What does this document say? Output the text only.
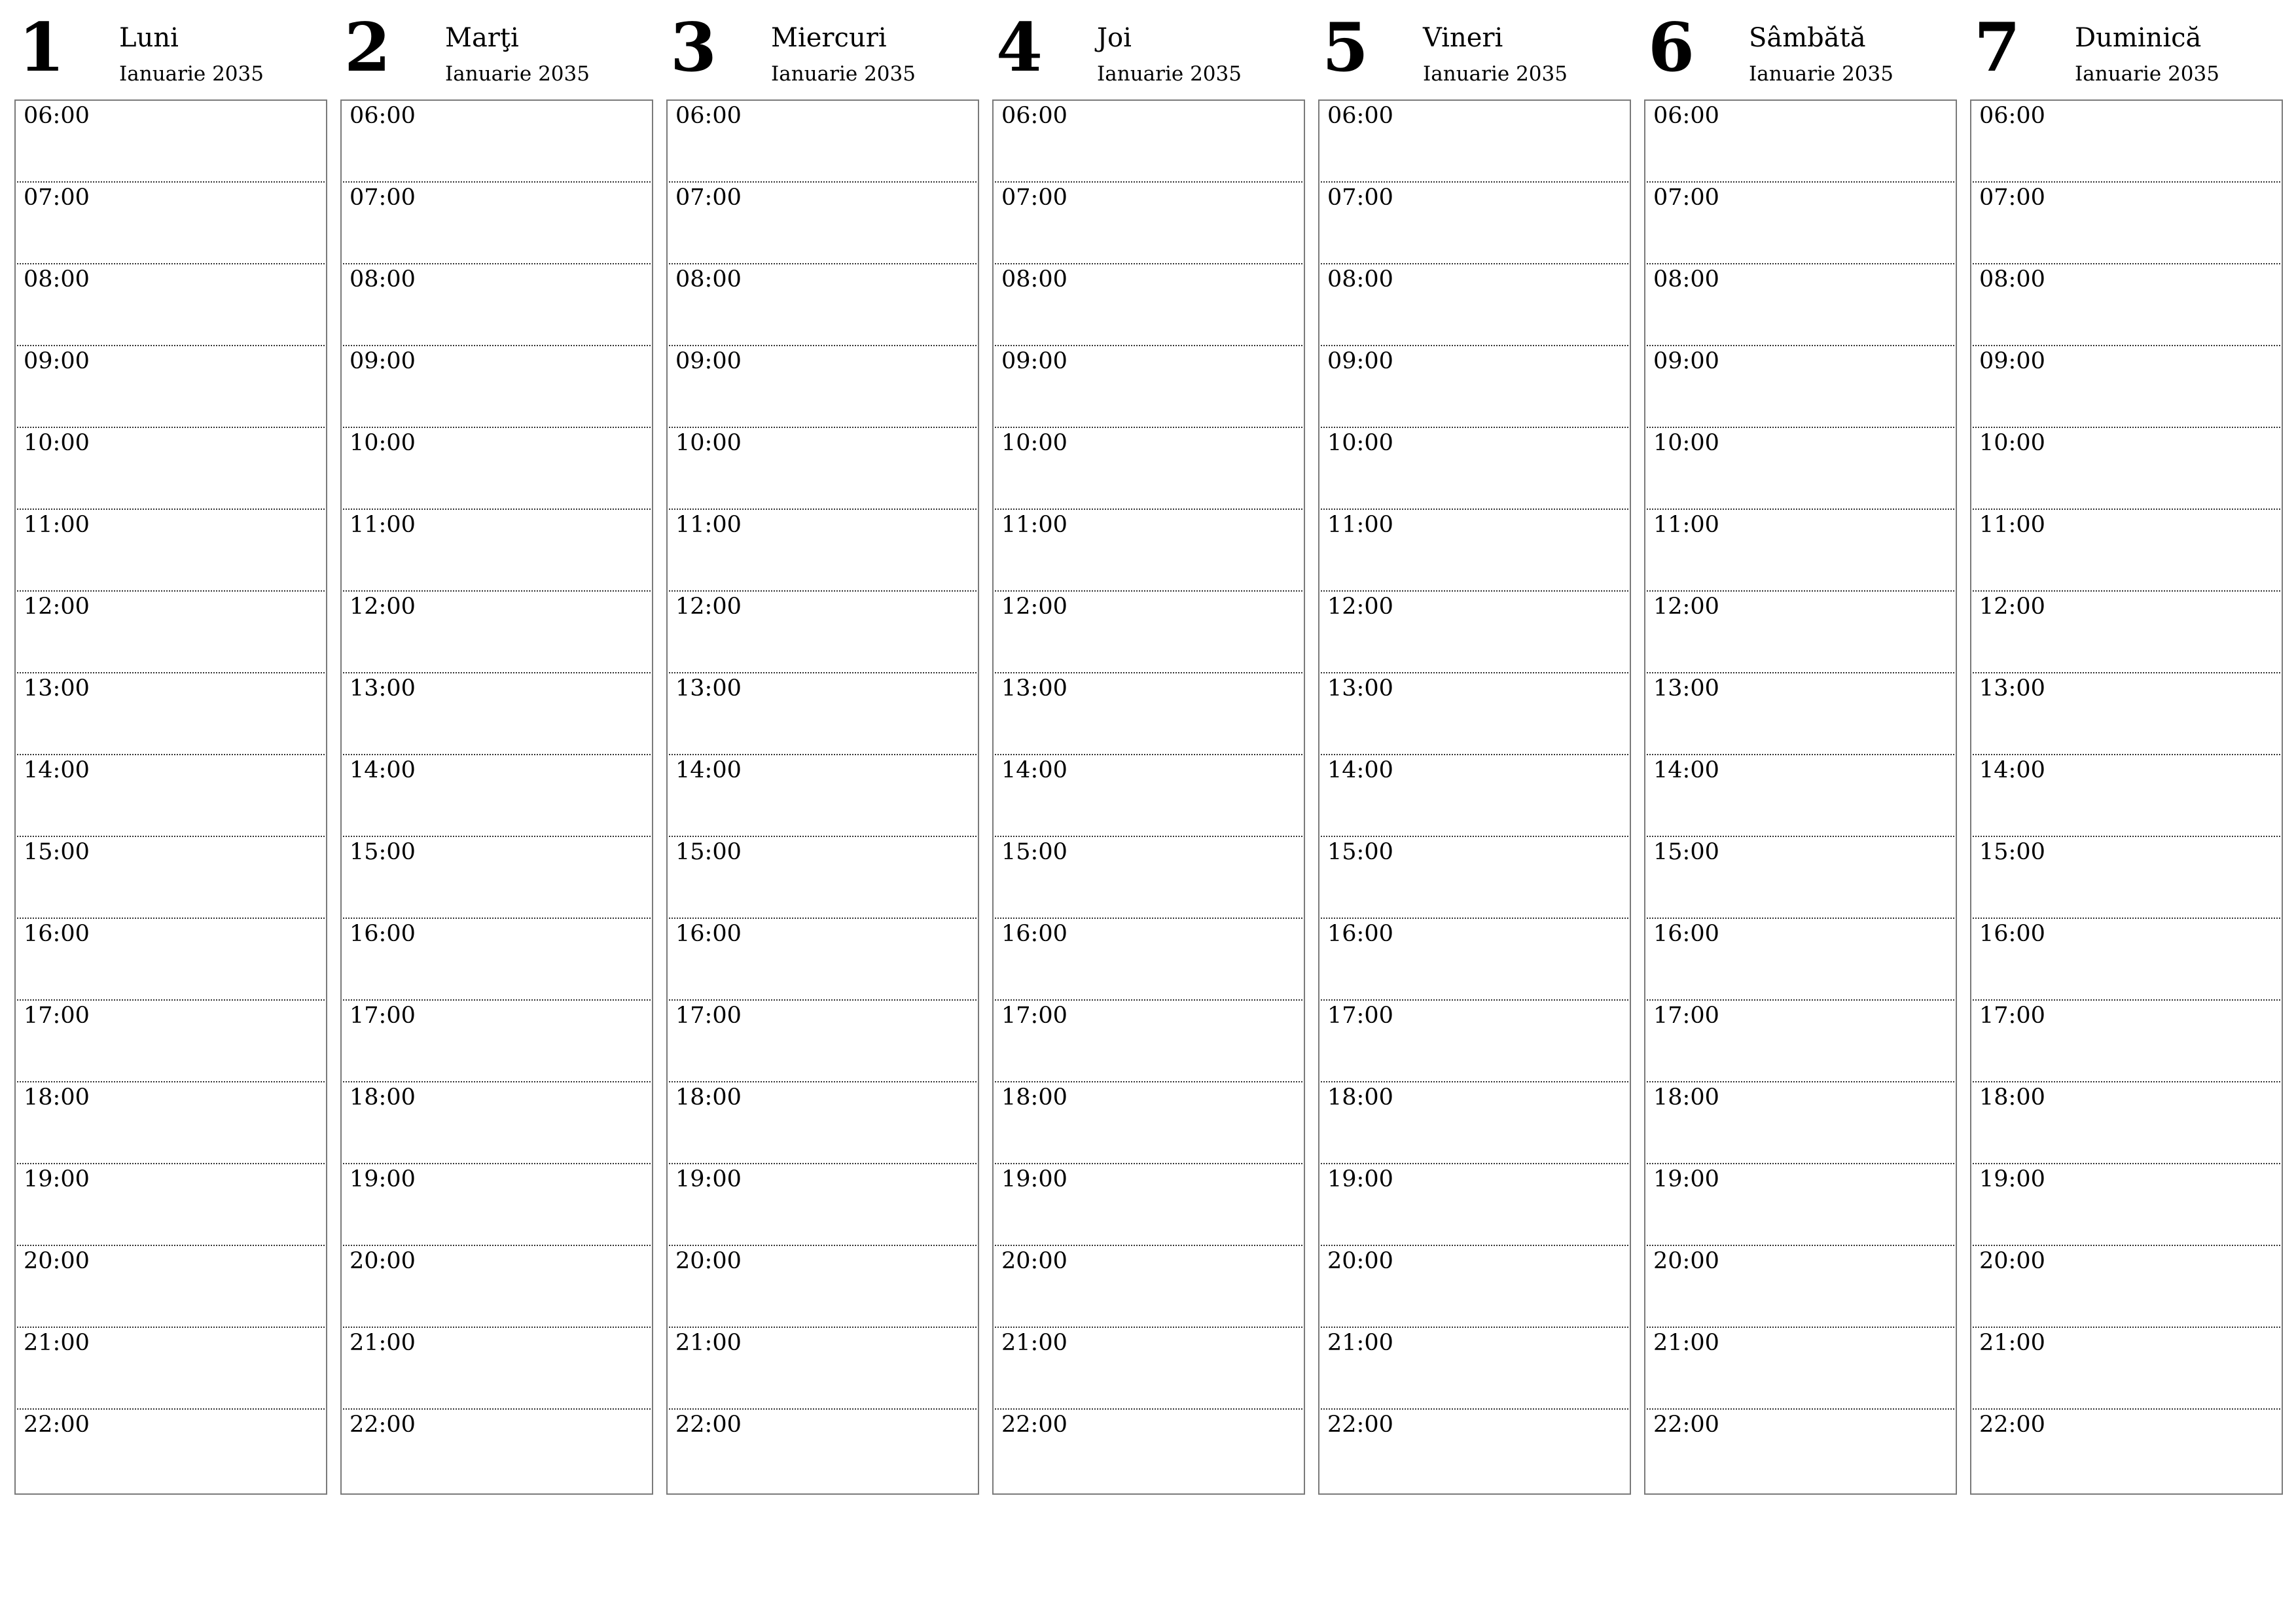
1 Luni
Ianuarie 2035
06:00
07:00
08:00
09:00
10:00
11:00
12:00
13:00
14:00
15:00
16:00
17:00
18:00
19:00
20:00
21:00
22:00
2 Marţi
Ianuarie 2035
06:00
07:00
08:00
09:00
10:00
11:00
12:00
13:00
14:00
15:00
16:00
17:00
18:00
19:00
20:00
21:00
22:00
3 Miercuri
Ianuarie 2035
06:00
07:00
08:00
09:00
10:00
11:00
12:00
13:00
14:00
15:00
16:00
17:00
18:00
19:00
20:00
21:00
22:00
4 Joi
Ianuarie 2035
06:00
07:00
08:00
09:00
10:00
11:00
12:00
13:00
14:00
15:00
16:00
17:00
18:00
19:00
20:00
21:00
22:00
5 Vineri
Ianuarie 2035
06:00
07:00
08:00
09:00
10:00
11:00
12:00
13:00
14:00
15:00
16:00
17:00
18:00
19:00
20:00
21:00
22:00
6 Sâmbătă
Ianuarie 2035
06:00
07:00
08:00
09:00
10:00
11:00
12:00
13:00
14:00
15:00
16:00
17:00
18:00
19:00
20:00
21:00
22:00
7 Duminică
Ianuarie 2035
06:00
07:00
08:00
09:00
10:00
11:00
12:00
13:00
14:00
15:00
16:00
17:00
18:00
19:00
20:00
21:00
22:00
